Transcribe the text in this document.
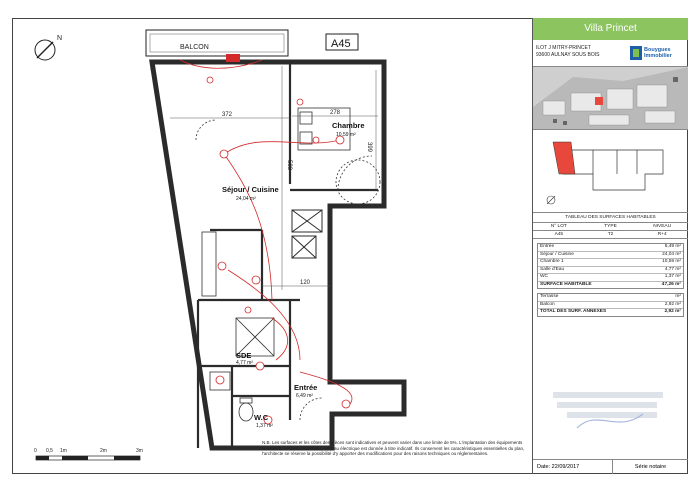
N
BALCON	A45
372	278
399
583
120
Chambre
10,59 m²
Séjour / Cuisine
24,04 m²
SDE
4,77 m²
Entrée
6,49 m²
W.C
1,37 m²
0 0,5 1m	2m	3m
N.B. Les surfaces et les côtes des pièces sont indicatives et peuvent varier dans une limite de 5%. L'implantation des équipements sanitaires, soffites, retombées, tableau électrique est donnée à titre indicatif. Ils conservent les caractéristiques essentielles du plan, l'architecte se réserve la possibilité d'y apporter des modifications pour des raisons techniques ou réglementaires.
Villa Princet
ILOT J MITRY-PRINCET
93600 AULNAY SOUS BOIS
Bouygues
Immobilier
TABLEAU DES SURFACES HABITABLES
N° LOT	TYPE	NIVEAU
A45	T2	R+4
Entrée	6,49 m²
Séjour / Cuisine	24,04 m²
Chambre 1	10,59 m²
Salle d'Eau	4,77 m²
WC	1,37 m²
SURFACE HABITABLE	47,26 m²
Terrasse	m²
Balcon	2,92 m²
TOTAL DES SURF. ANNEXES	2,92 m²
Date: 22/09/2017	Série notaire
